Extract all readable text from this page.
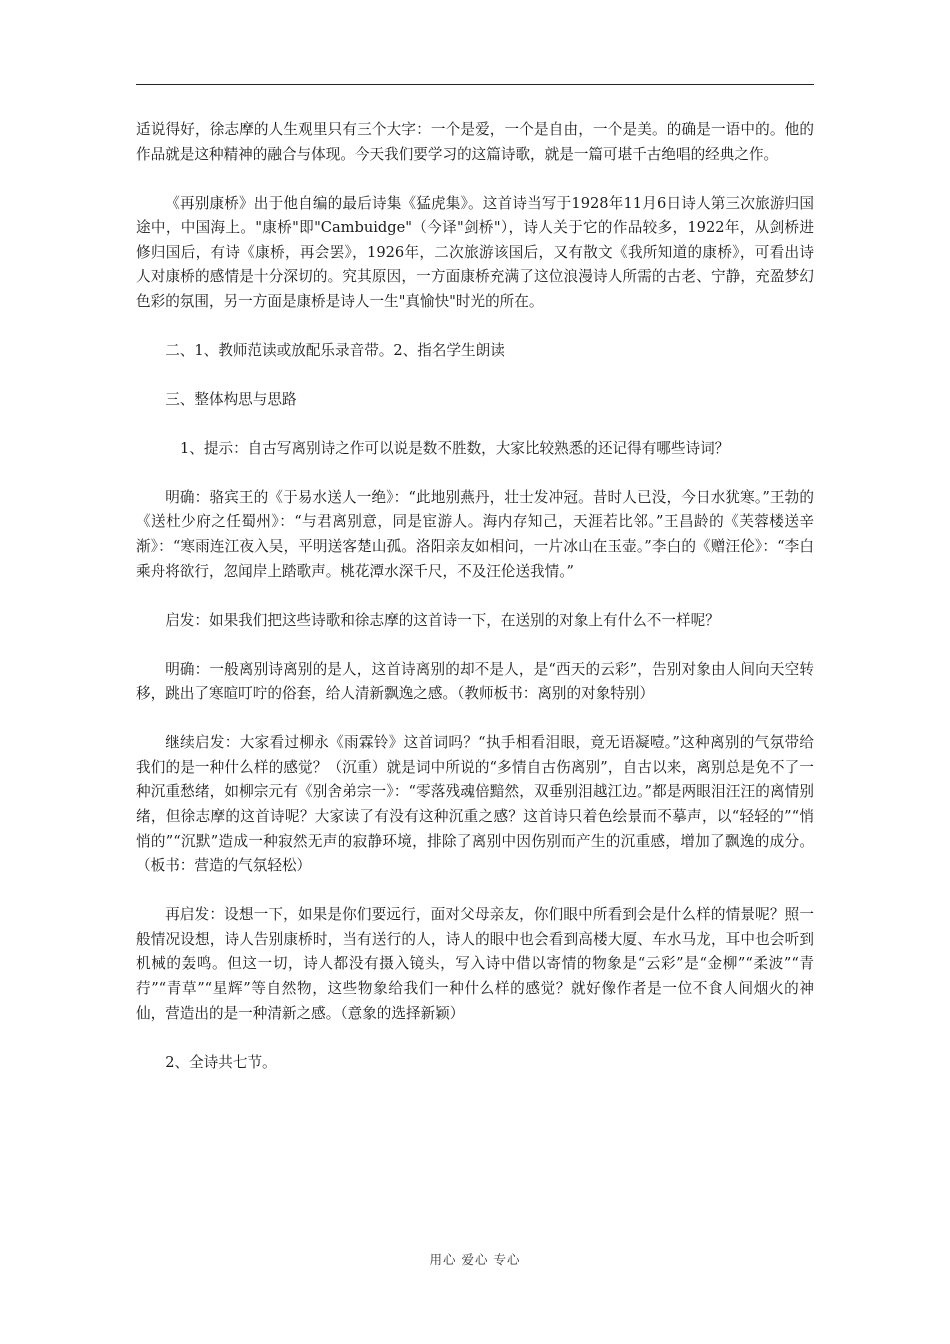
适说得好，徐志摩的人生观里只有三个大字：一个是爱，一个是自由，一个是美。的确是一语中的。他的作品就是这种精神的融合与体现。今天我们要学习的这篇诗歌，就是一篇可堪千古绝唱的经典之作。

《再别康桥》出于他自编的最后诗集《猛虎集》。这首诗当写于1928年11月6日诗人第三次旅游归国途中，中国海上。"康桥"即"Cambuidge"（今译"剑桥"），诗人关于它的作品较多，1922年，从剑桥进修归国后，有诗《康桥，再会罢》，1926年，二次旅游该国后，又有散文《我所知道的康桥》，可看出诗人对康桥的感情是十分深切的。究其原因，一方面康桥充满了这位浪漫诗人所需的古老、宁静，充盈梦幻色彩的氛围，另一方面是康桥是诗人一生"真愉快"时光的所在。

二、1、教师范读或放配乐录音带。2、指名学生朗读

三、整体构思与思路

1、提示：自古写离别诗之作可以说是数不胜数，大家比较熟悉的还记得有哪些诗词？

明确：骆宾王的《于易水送人一绝》：“此地别燕丹，壮士发冲冠。昔时人已没，今日水犹寒。”王勃的《送杜少府之任蜀州》：“与君离别意，同是宦游人。海内存知己，天涯若比邻。”王昌龄的《芙蓉楼送辛渐》：“寒雨连江夜入吴，平明送客楚山孤。洛阳亲友如相问，一片冰山在玉壶。”李白的《赠汪伦》：“李白乘舟将欲行，忽闻岸上踏歌声。桃花潭水深千尺，不及汪伦送我情。”

启发：如果我们把这些诗歌和徐志摩的这首诗一下，在送别的对象上有什么不一样呢？

明确：一般离别诗离别的是人，这首诗离别的却不是人，是“西天的云彩”，告别对象由人间向天空转移，跳出了寒暄叮咛的俗套，给人清新飘逸之感。（教师板书：离别的对象特别）

继续启发：大家看过柳永《雨霖铃》这首词吗？“执手相看泪眼，竟无语凝噎。”这种离别的气氛带给我们的是一种什么样的感觉？（沉重）就是词中所说的“多情自古伤离别”，自古以来，离别总是免不了一种沉重愁绪，如柳宗元有《别舍弟宗一》：“零落残魂倍黯然，双垂别泪越江边。”都是两眼泪汪汪的离情别绪，但徐志摩的这首诗呢？大家读了有没有这种沉重之感？这首诗只着色绘景而不摹声，以“轻轻的”“悄悄的”“沉默”造成一种寂然无声的寂静环境，排除了离别中因伤别而产生的沉重感，增加了飘逸的成分。（板书：营造的气氛轻松）

再启发：设想一下，如果是你们要远行，面对父母亲友，你们眼中所看到会是什么样的情景呢？照一般情况设想，诗人告别康桥时，当有送行的人，诗人的眼中也会看到高楼大厦、车水马龙，耳中也会听到机械的轰鸣。但这一切，诗人都没有摄入镜头，写入诗中借以寄情的物象是“云彩”是“金柳”“柔波”“青荇”“青草”“星辉”等自然物，这些物象给我们一种什么样的感觉？就好像作者是一位不食人间烟火的神仙，营造出的是一种清新之感。（意象的选择新颖）

2、全诗共七节。

用心 爱心 专心
